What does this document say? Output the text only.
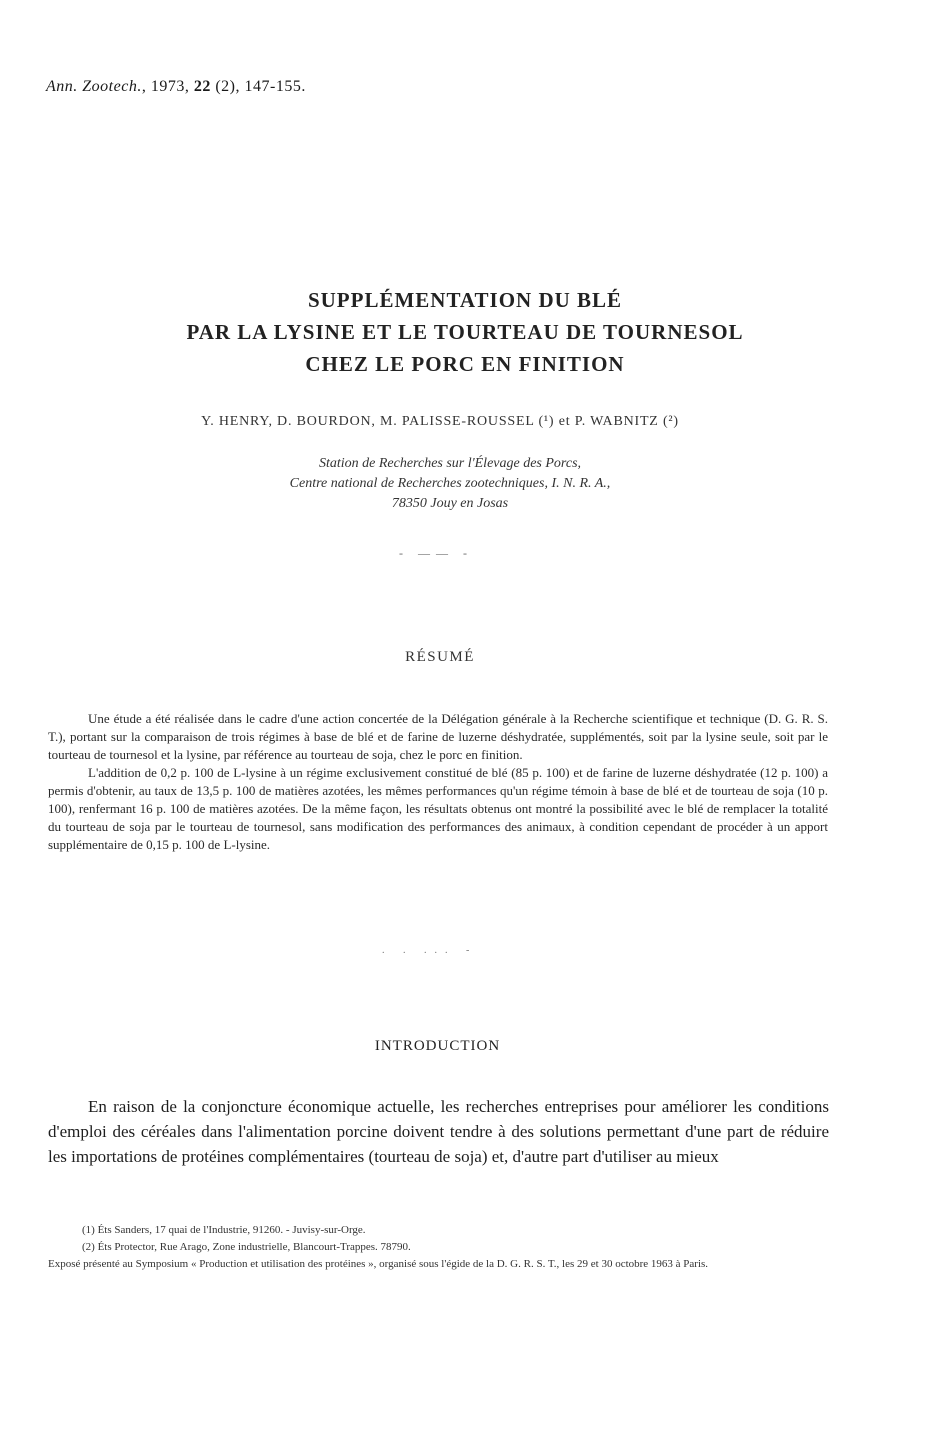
Ann. Zootech., 1973, 22 (2), 147-155.
SUPPLÉMENTATION DU BLÉ
PAR LA LYSINE ET LE TOURTEAU DE TOURNESOL
CHEZ LE PORC EN FINITION
Y. HENRY, D. BOURDON, M. PALISSE-ROUSSEL (¹) et P. WABNITZ (²)
Station de Recherches sur l'Élevage des Porcs,
Centre national de Recherches zootechniques, I. N. R. A.,
78350 Jouy en Josas
- —— -
RÉSUMÉ

Une étude a été réalisée dans le cadre d'une action concertée de la Délégation générale à la Recherche scientifique et technique (D. G. R. S. T.), portant sur la comparaison de trois régimes à base de blé et de farine de luzerne déshydratée, supplémentés, soit par la lysine seule, soit par le tourteau de tournesol et la lysine, par référence au tourteau de soja, chez le porc en finition.

L'addition de 0,2 p. 100 de L-lysine à un régime exclusivement constitué de blé (85 p. 100) et de farine de luzerne déshydratée (12 p. 100) a permis d'obtenir, au taux de 13,5 p. 100 de matières azotées, les mêmes performances qu'un régime témoin à base de blé et de tourteau de soja (10 p. 100), renfermant 16 p. 100 de matières azotées. De la même façon, les résultats obtenus ont montré la possibilité avec le blé de remplacer la totalité du tourteau de soja par le tourteau de tournesol, sans modification des performances des animaux, à condition cependant de procéder à un apport supplémentaire de 0,15 p. 100 de L-lysine.

. . ... -
INTRODUCTION

En raison de la conjoncture économique actuelle, les recherches entreprises pour améliorer les conditions d'emploi des céréales dans l'alimentation porcine doivent tendre à des solutions permettant d'une part de réduire les importations de protéines complémentaires (tourteau de soja) et, d'autre part d'utiliser au mieux

(1) Éts Sanders, 17 quai de l'Industrie, 91260. - Juvisy-sur-Orge.
(2) Éts Protector, Rue Arago, Zone industrielle, Blancourt-Trappes. 78790.
Exposé présenté au Symposium « Production et utilisation des protéines », organisé sous l'égide de la D. G. R. S. T., les 29 et 30 octobre 1963 à Paris.
